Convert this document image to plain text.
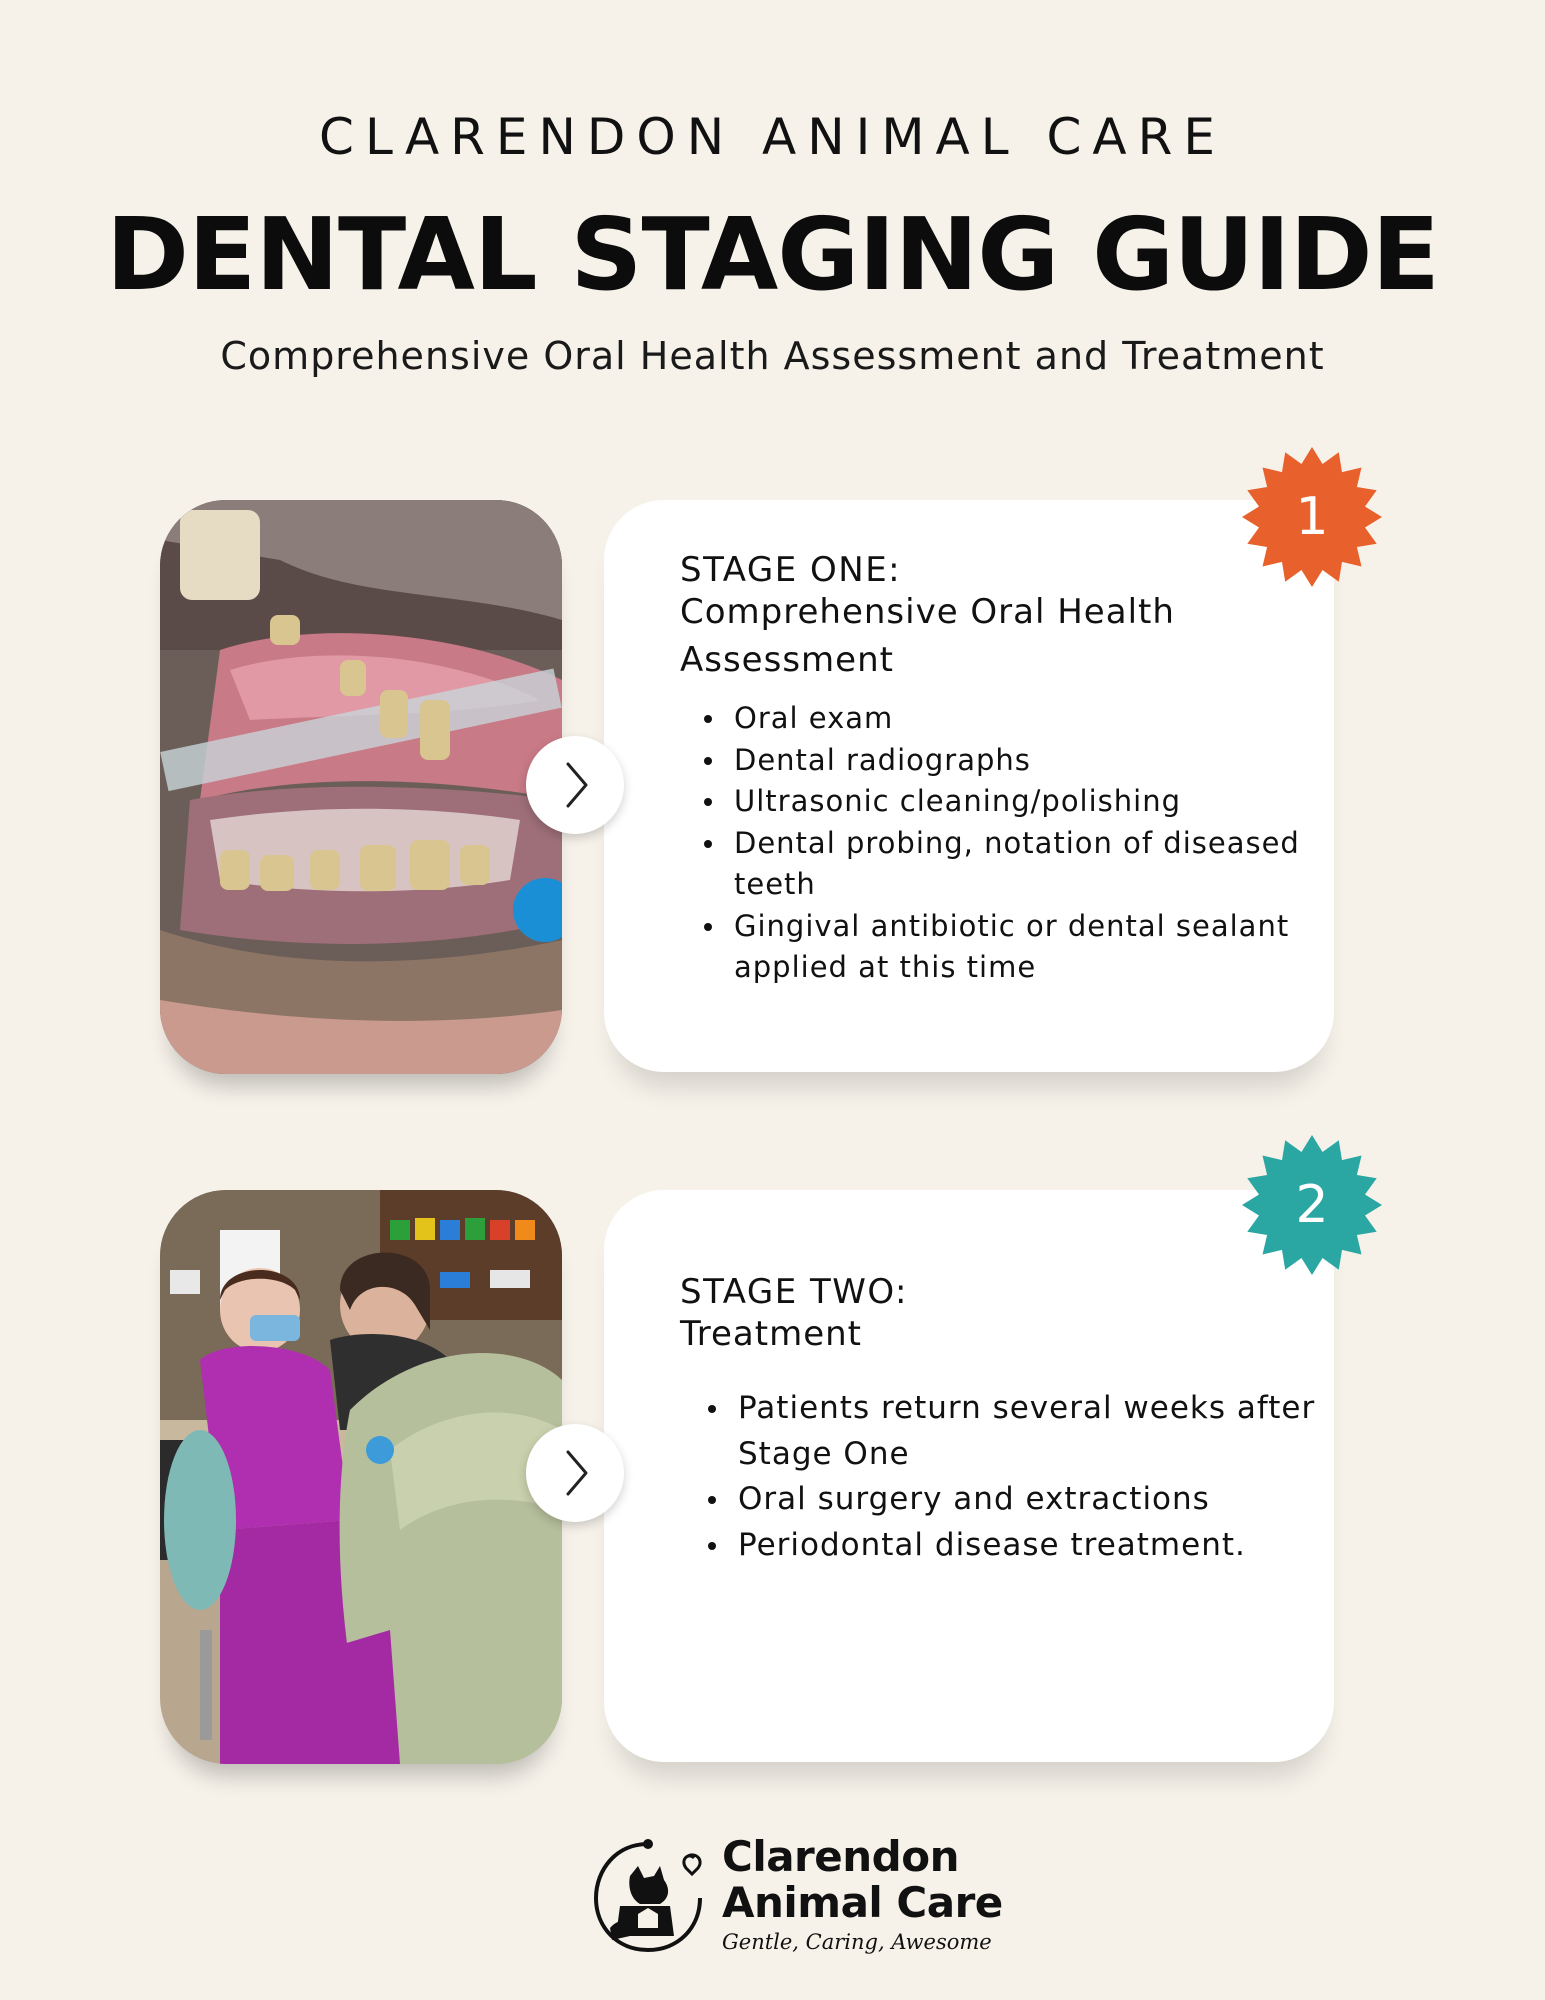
CLARENDON ANIMAL CARE
DENTAL STAGING GUIDE
Comprehensive Oral Health Assessment and Treatment

STAGE ONE:

Comprehensive Oral Health Assessment

Oral exam
Dental radiographs
Ultrasonic cleaning/polishing
Dental probing, notation of diseased teeth
Gingival antibiotic or dental sealant applied at this time
1

STAGE TWO:

Treatment

Patients return several weeks after Stage One
Oral surgery and extractions
Periodontal disease treatment.
2
Clarendon
Animal Care
Gentle, Caring, Awesome
